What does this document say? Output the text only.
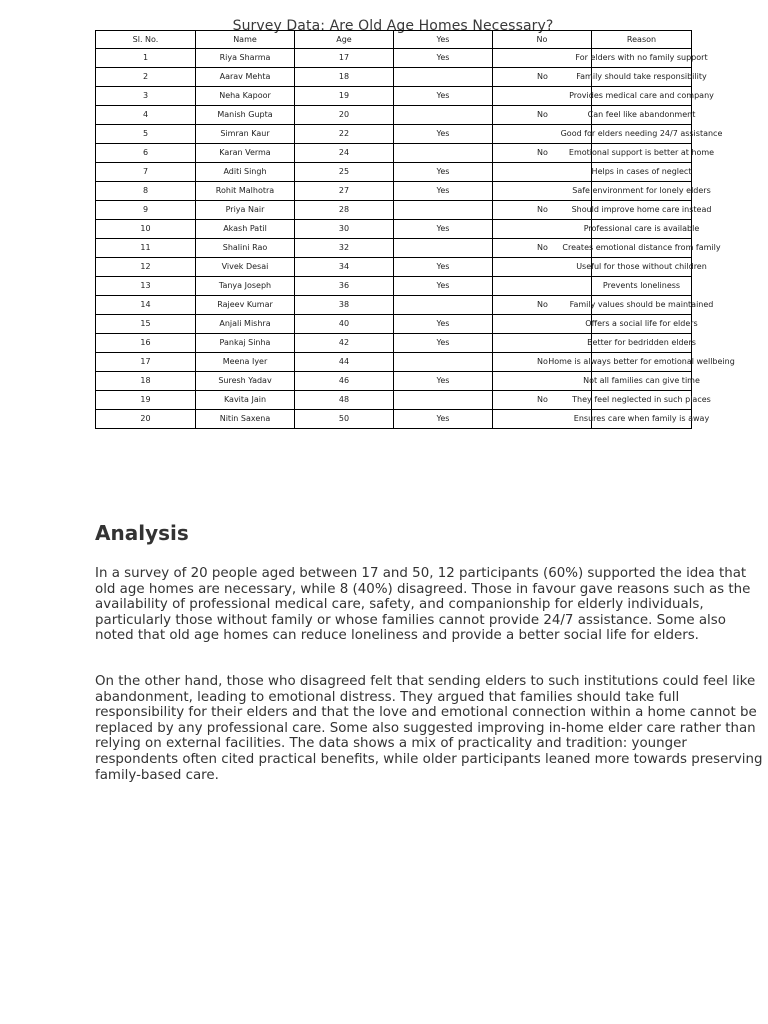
Survey Data: Are Old Age Homes Necessary?
Sl. No.	Name	Age	Yes	No	Reason
1	Riya Sharma	17	Yes		For elders with no family support

2	Aarav Mehta	18		No	Family should take responsibility

3	Neha Kapoor	19	Yes		Provides medical care and company

4	Manish Gupta	20		No	Can feel like abandonment

5	Simran Kaur	22	Yes		Good for elders needing 24/7 assistance

6	Karan Verma	24		No	Emotional support is better at home

7	Aditi Singh	25	Yes		Helps in cases of neglect

8	Rohit Malhotra	27	Yes		Safe environment for lonely elders

9	Priya Nair	28		No	Should improve home care instead

10	Akash Patil	30	Yes		Professional care is available

11	Shalini Rao	32		No	Creates emotional distance from family

12	Vivek Desai	34	Yes		Useful for those without children

13	Tanya Joseph	36	Yes		Prevents loneliness

14	Rajeev Kumar	38		No	Family values should be maintained

15	Anjali Mishra	40	Yes		Offers a social life for elders

16	Pankaj Sinha	42	Yes		Better for bedridden elders

17	Meena Iyer	44		No	Home is always better for emotional wellbeing

18	Suresh Yadav	46	Yes		Not all families can give time

19	Kavita Jain	48		No	They feel neglected in such places

20	Nitin Saxena	50	Yes		Ensures care when family is away
Analysis

In a survey of 20 people aged between 17 and 50, 12 participants (60%) supported the idea that old age homes are necessary, while 8 (40%) disagreed. Those in favour gave reasons such as the availability of professional medical care, safety, and companionship for elderly individuals, particularly those without family or whose families cannot provide 24/7 assistance. Some also noted that old age homes can reduce loneliness and provide a better social life for elders.

On the other hand, those who disagreed felt that sending elders to such institutions could feel like abandonment, leading to emotional distress. They argued that families should take full responsibility for their elders and that the love and emotional connection within a home cannot be replaced by any professional care. Some also suggested improving in-home elder care rather than relying on external facilities. The data shows a mix of practicality and tradition: younger respondents often cited practical benefits, while older participants leaned more towards preserving family-based care.
